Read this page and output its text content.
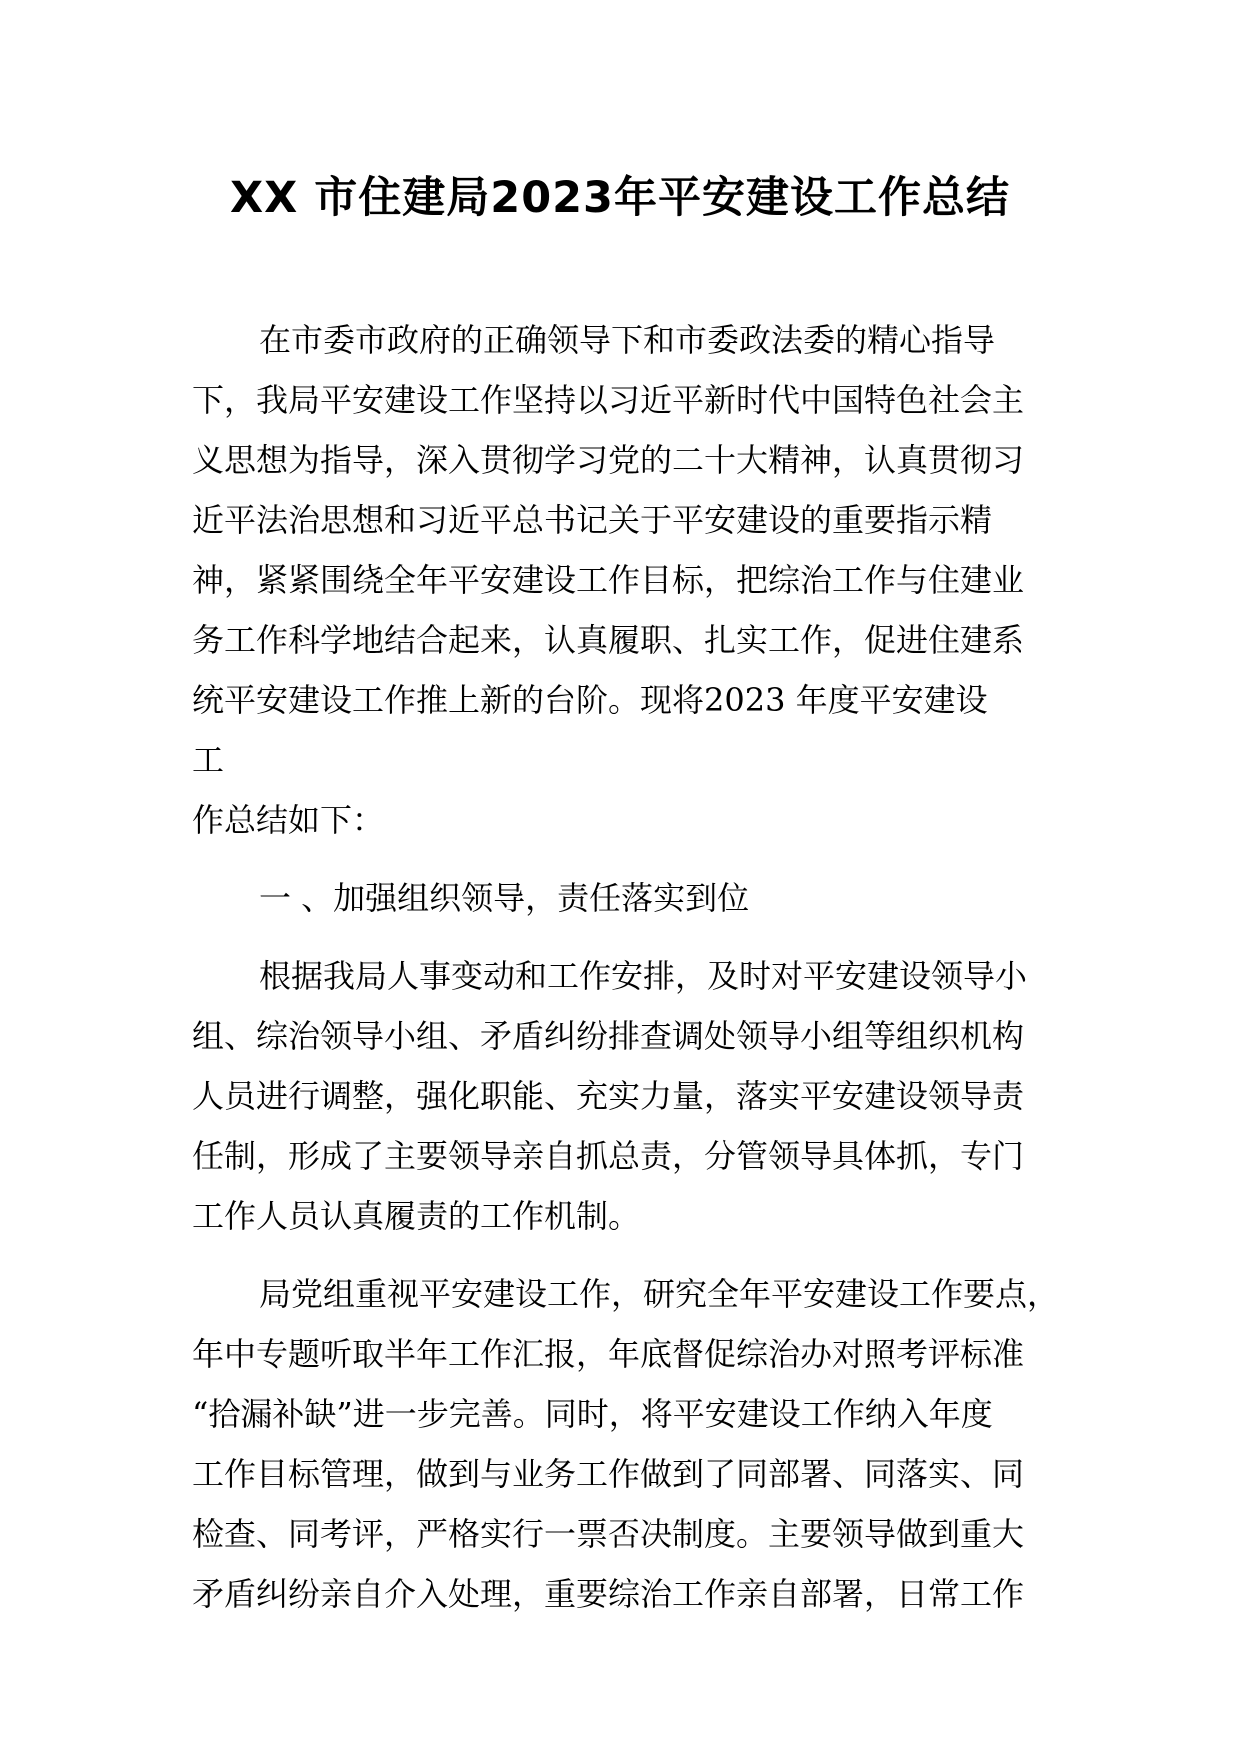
XX 市住建局2023年平安建设工作总结
在市委市政府的正确领导下和市委政法委的精心指导
下，我局平安建设工作坚持以习近平新时代中国特色社会主
义思想为指导，深入贯彻学习党的二十大精神，认真贯彻习
近平法治思想和习近平总书记关于平安建设的重要指示精
神，紧紧围绕全年平安建设工作目标，把综治工作与住建业
务工作科学地结合起来，认真履职、扎实工作，促进住建系
统平安建设工作推上新的台阶。现将2023 年度平安建设
工
作总结如下：
一 、加强组织领导，责任落实到位
根据我局人事变动和工作安排，及时对平安建设领导小
组、综治领导小组、矛盾纠纷排查调处领导小组等组织机构
人员进行调整，强化职能、充实力量，落实平安建设领导责
任制，形成了主要领导亲自抓总责，分管领导具体抓，专门
工作人员认真履责的工作机制。
局党组重视平安建设工作，研究全年平安建设工作要点，
年中专题听取半年工作汇报，年底督促综治办对照考评标准
“拾漏补缺”进一步完善。同时，将平安建设工作纳入年度
工作目标管理，做到与业务工作做到了同部署、同落实、同
检查、同考评，严格实行一票否决制度。主要领导做到重大
矛盾纠纷亲自介入处理，重要综治工作亲自部署，日常工作
